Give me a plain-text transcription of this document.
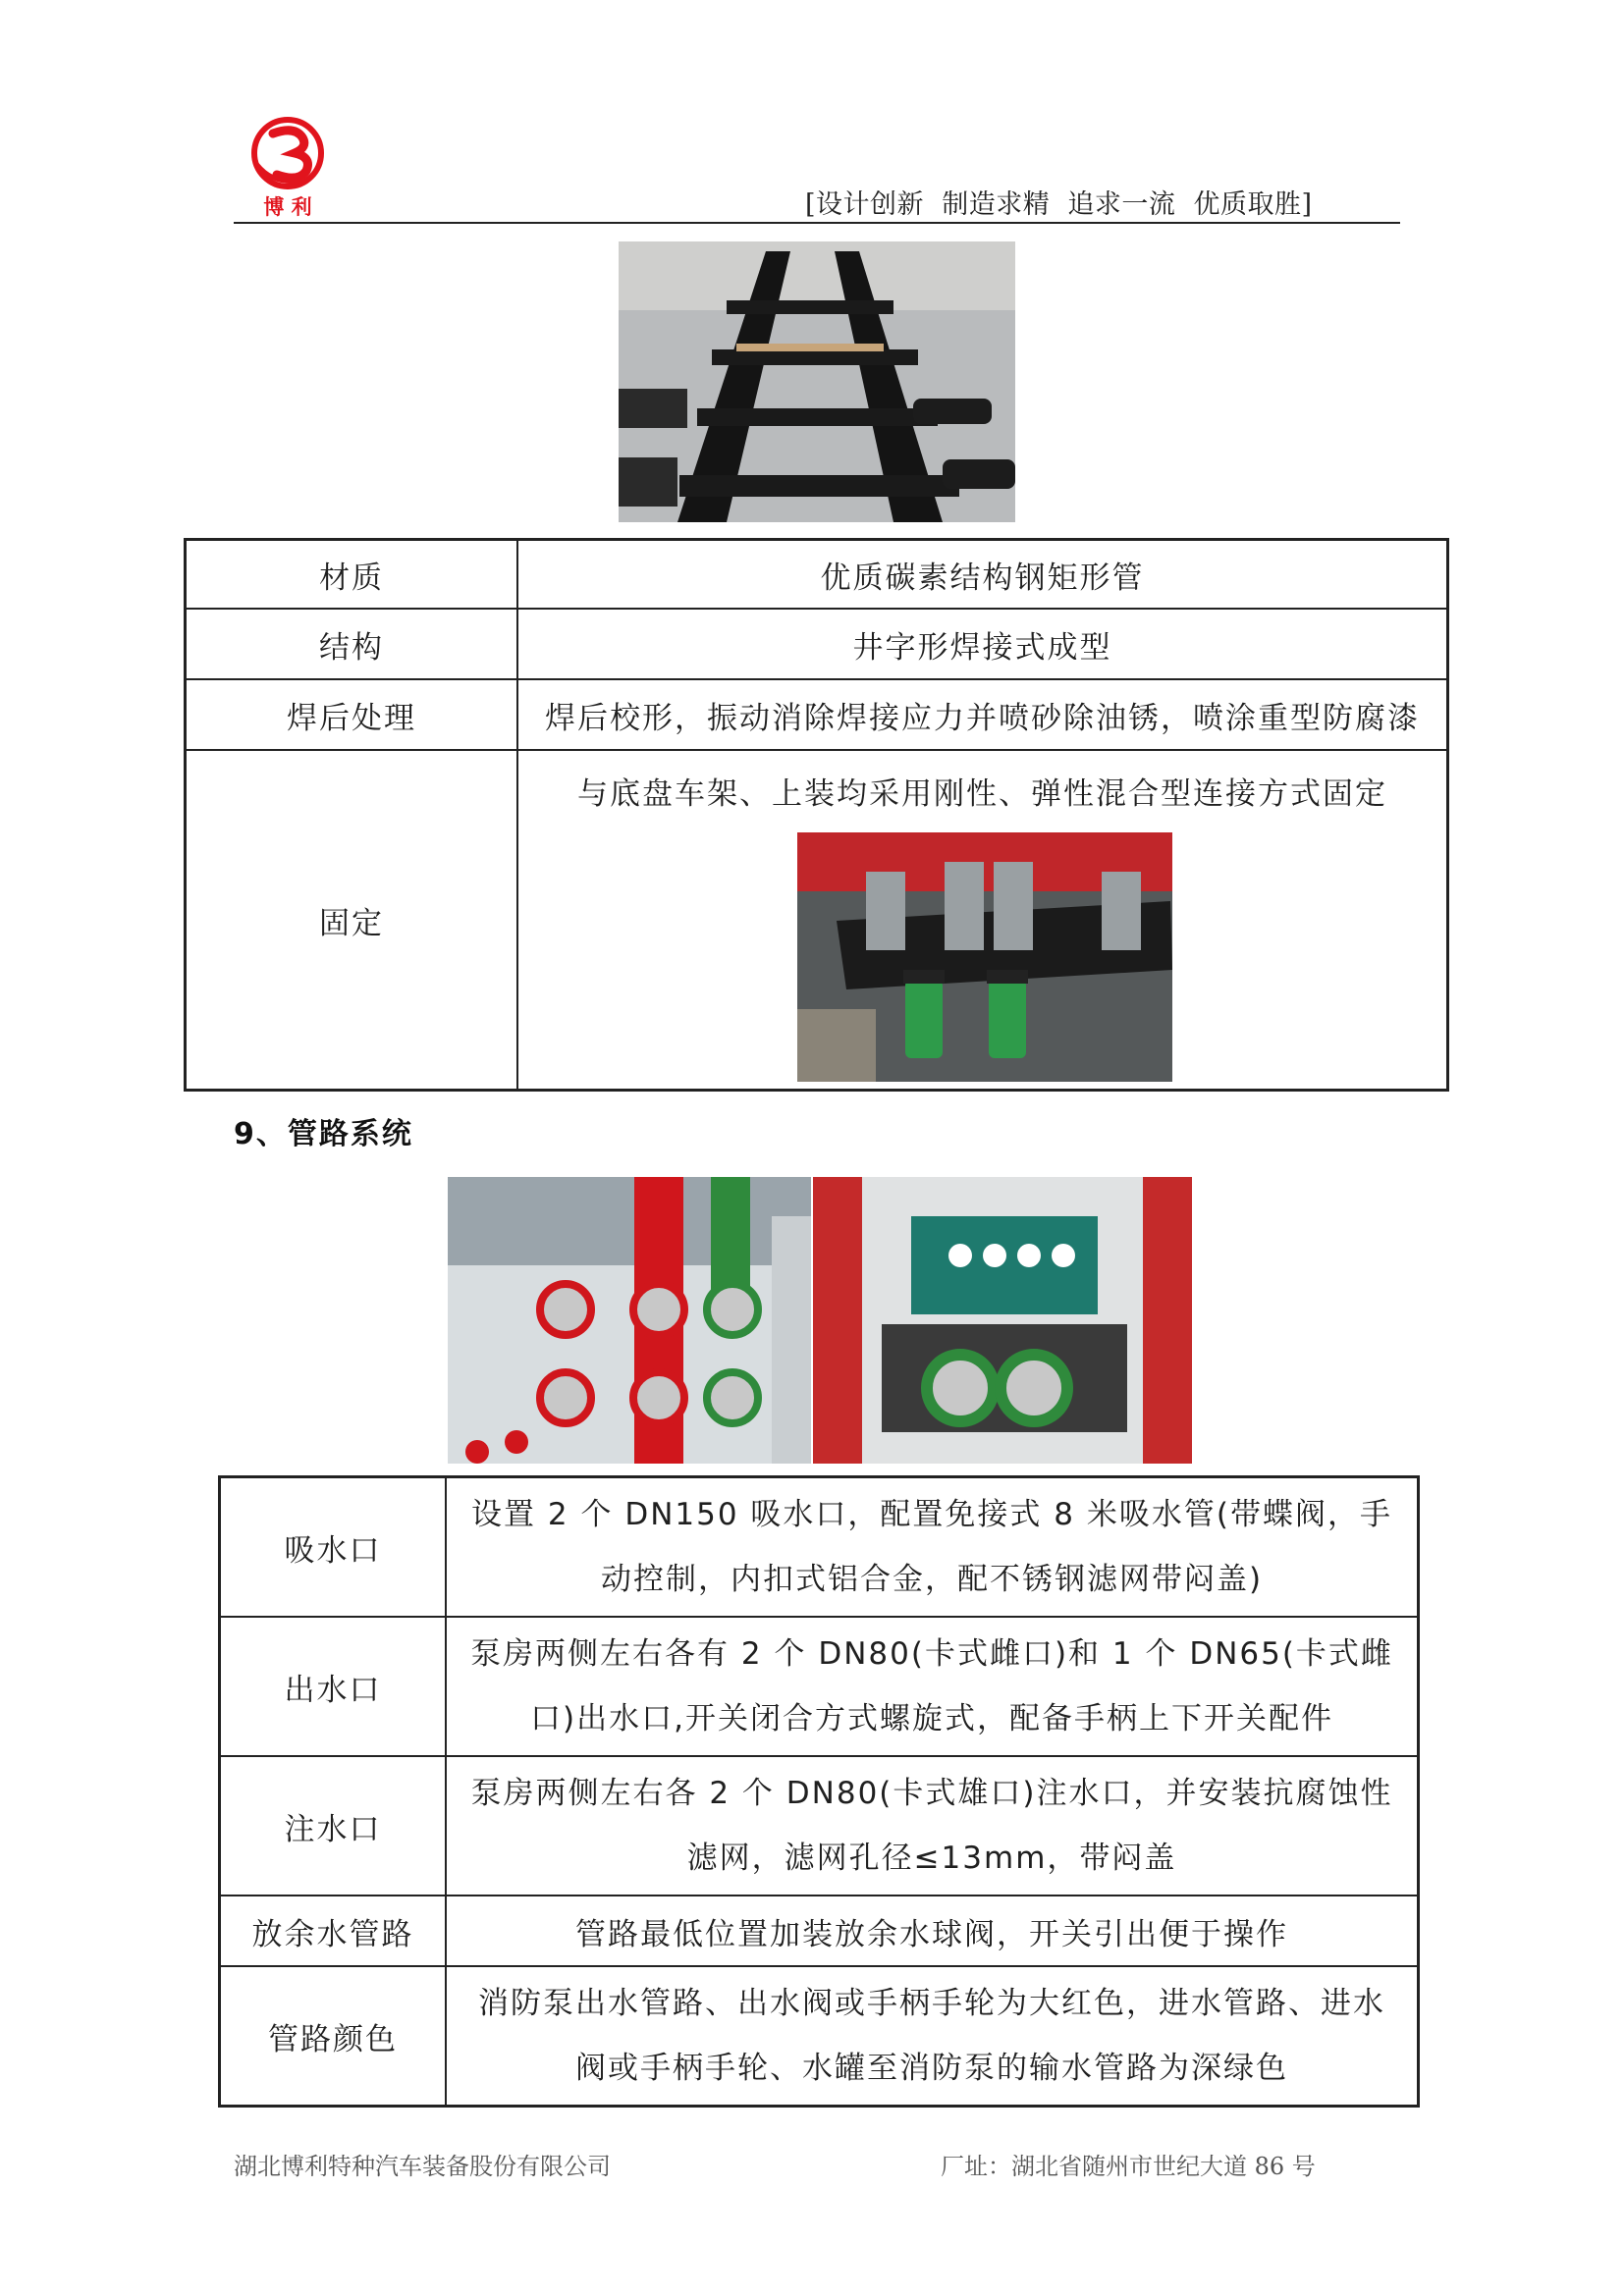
博 利	[设计创新  制造求精  追求一流  优质取胜]
材质	优质碳素结构钢矩形管
结构	井字形焊接式成型
焊后处理	焊后校形，振动消除焊接应力并喷砂除油锈，喷涂重型防腐漆
固定	与底盘车架、上装均采用刚性、弹性混合型连接方式固定
9、管路系统
吸水口	设置 2 个 DN150 吸水口，配置免接式 8 米吸水管(带蝶阀，手动控制，内扣式铝合金，配不锈钢滤网带闷盖)
出水口	泵房两侧左右各有 2 个 DN80(卡式雌口)和 1 个 DN65(卡式雌口)出水口,开关闭合方式螺旋式，配备手柄上下开关配件
注水口	泵房两侧左右各 2 个 DN80(卡式雄口)注水口，并安装抗腐蚀性滤网，滤网孔径≤13mm，带闷盖
放余水管路	管路最低位置加装放余水球阀，开关引出便于操作
管路颜色	消防泵出水管路、出水阀或手柄手轮为大红色，进水管路、进水阀或手柄手轮、水罐至消防泵的输水管路为深绿色
湖北博利特种汽车装备股份有限公司	厂址：湖北省随州市世纪大道 86 号
